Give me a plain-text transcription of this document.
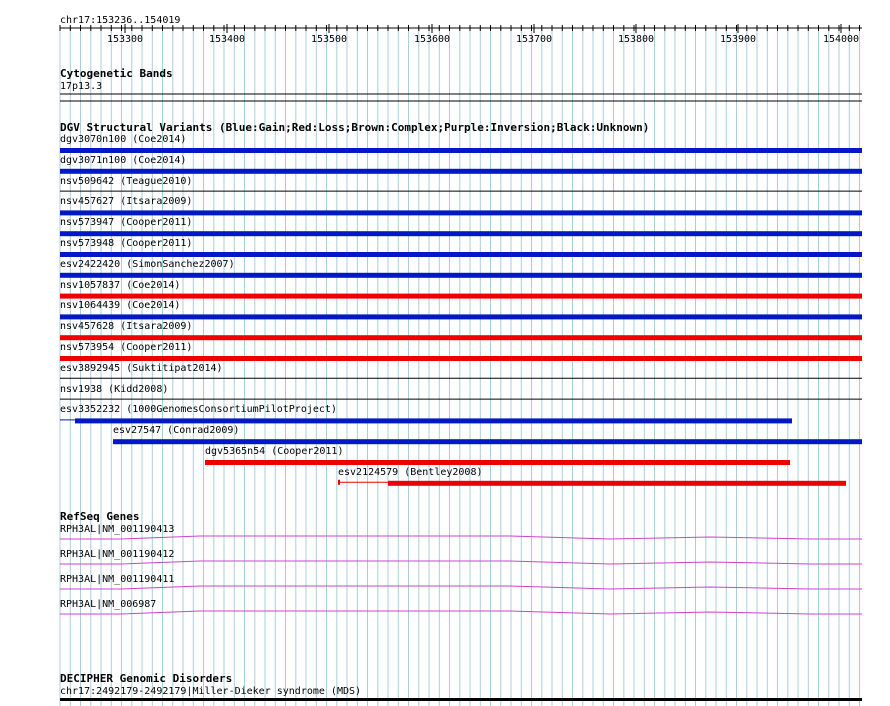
chr17:153236..154019
153300	153400	153500	153600	153700	153800	153900	154000
Cytogenetic Bands
17p13.3
DGV Structural Variants (Blue:Gain;Red:Loss;Brown:Complex;Purple:Inversion;Black:Unknown)
dgv3070n100 (Coe2014)
dgv3071n100 (Coe2014)
nsv509642 (Teague2010)
nsv457627 (Itsara2009)
nsv573947 (Cooper2011)
nsv573948 (Cooper2011)
esv2422420 (SimonSanchez2007)
nsv1057837 (Coe2014)
nsv1064439 (Coe2014)
nsv457628 (Itsara2009)
nsv573954 (Cooper2011)
esv3892945 (Suktitipat2014)
nsv1938 (Kidd2008)
esv3352232 (1000GenomesConsortiumPilotProject)
esv27547 (Conrad2009)
dgv5365n54 (Cooper2011)
esv2124579 (Bentley2008)
RefSeq Genes
RPH3AL|NM_001190413
RPH3AL|NM_001190412
RPH3AL|NM_001190411
RPH3AL|NM_006987
DECIPHER Genomic Disorders
chr17:2492179-2492179|Miller-Dieker syndrome (MDS)
